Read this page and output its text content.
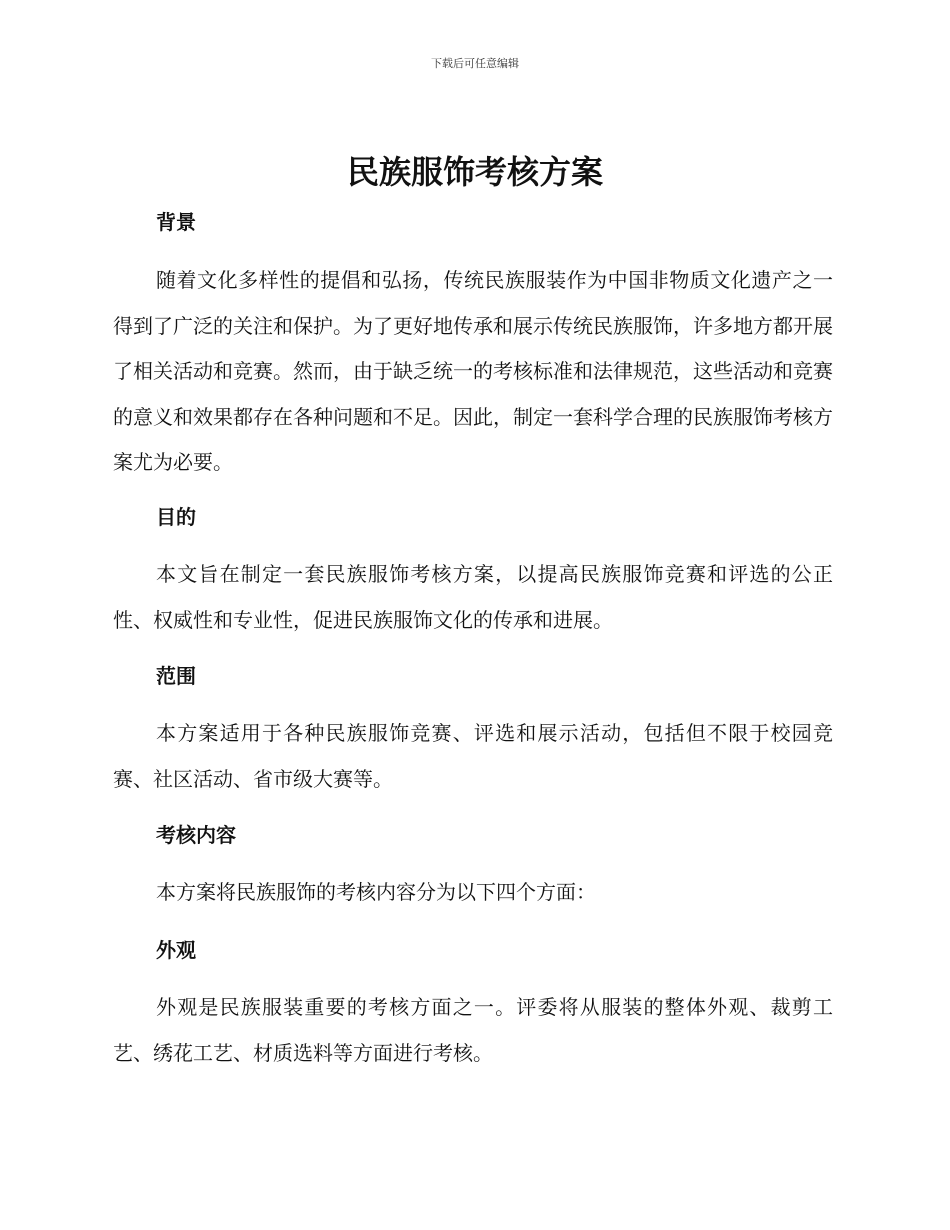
下载后可任意编辑
民族服饰考核方案
背景

随着文化多样性的提倡和弘扬，传统民族服装作为中国非物质文化遗产之一得到了广泛的关注和保护。为了更好地传承和展示传统民族服饰，许多地方都开展了相关活动和竞赛。然而，由于缺乏统一的考核标准和法律规范，这些活动和竞赛的意义和效果都存在各种问题和不足。因此，制定一套科学合理的民族服饰考核方案尤为必要。

目的

本文旨在制定一套民族服饰考核方案，以提高民族服饰竞赛和评选的公正性、权威性和专业性，促进民族服饰文化的传承和进展。

范围

本方案适用于各种民族服饰竞赛、评选和展示活动，包括但不限于校园竞赛、社区活动、省市级大赛等。

考核内容

本方案将民族服饰的考核内容分为以下四个方面：

外观

外观是民族服装重要的考核方面之一。评委将从服装的整体外观、裁剪工艺、绣花工艺、材质选料等方面进行考核。
